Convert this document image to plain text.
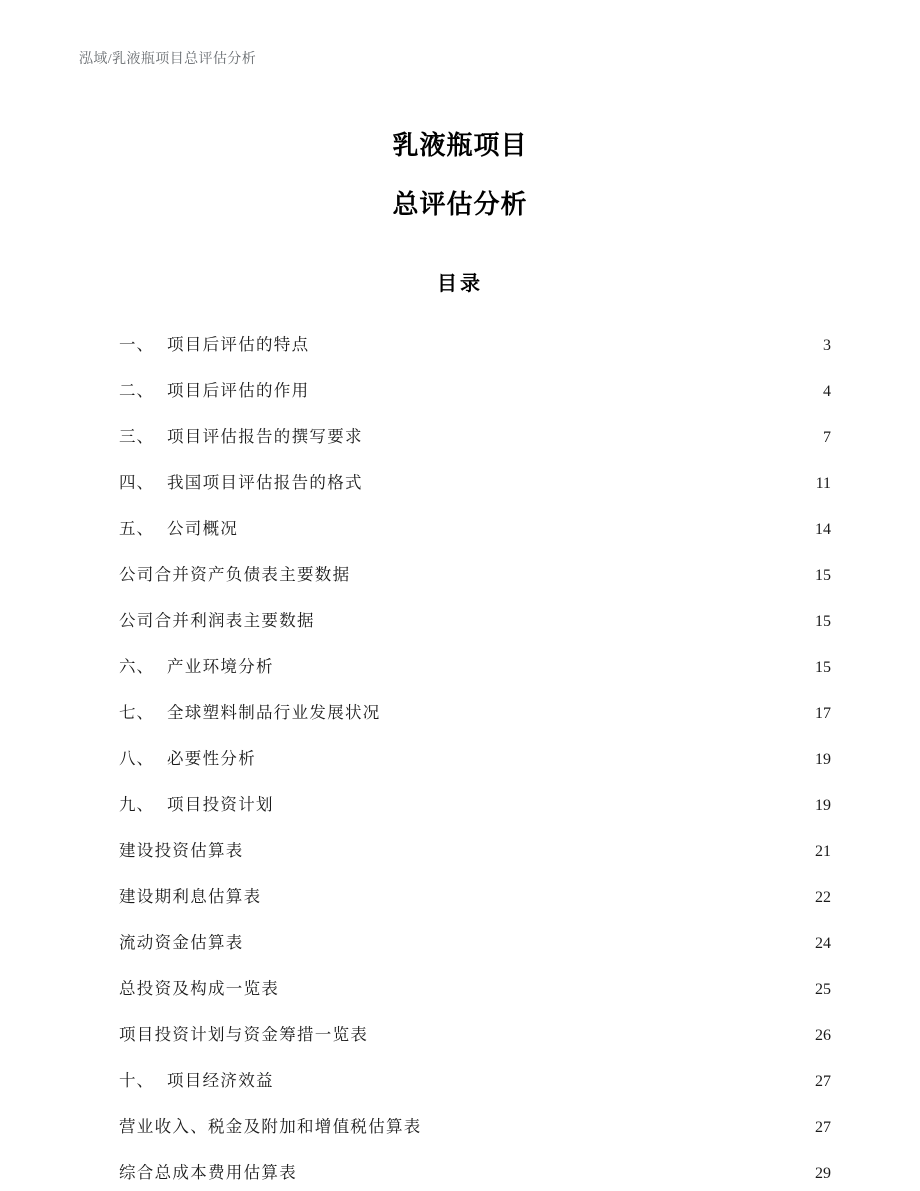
泓域/乳液瓶项目总评估分析
乳液瓶项目
总评估分析
目录
一、 项目后评估的特点 .....	3
二、 项目后评估的作用 .....	4
三、 项目评估报告的撰写要求 .....	7
四、 我国项目评估报告的格式 .....	11
五、 公司概况 .....	14
公司合并资产负债表主要数据 .....	15
公司合并利润表主要数据 .....	15
六、 产业环境分析 .....	15
七、 全球塑料制品行业发展状况 .....	17
八、 必要性分析 .....	19
九、 项目投资计划 .....	19
建设投资估算表 .....	21
建设期利息估算表 .....	22
流动资金估算表 .....	24
总投资及构成一览表 .....	25
项目投资计划与资金筹措一览表 .....	26
十、 项目经济效益 .....	27
营业收入、税金及附加和增值税估算表 .....	27
综合总成本费用估算表 .....	29
